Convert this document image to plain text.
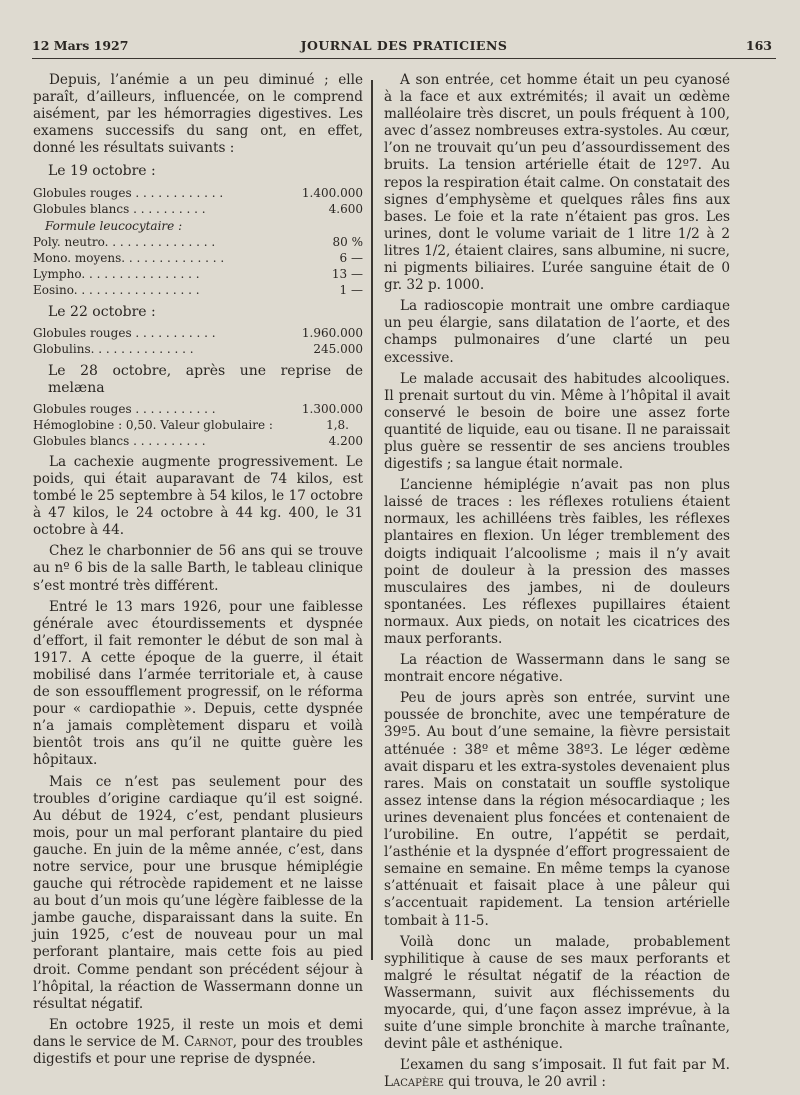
12 Mars 1927	JOURNAL DES PRATICIENS	163

Depuis, l’anémie a un peu diminué ; elle paraît, d’ailleurs, influencée, on le comprend aisément, par les hémorragies digestives. Les examens successifs du sang ont, en effet, donné les résultats suivants :

Le 19 octobre :
Globules rouges . . . . . . . . . . . .	1.400.000
Globules blancs . . . . . . . . . .	4.600
Formule leucocytaire :
Poly. neutro. . . . . . . . . . . . . . .	80 %
Mono. moyens. . . . . . . . . . . . . .	6 —
Lympho. . . . . . . . . . . . . . . .	13 —
Eosino. . . . . . . . . . . . . . . . .	1 —
Le 22 octobre :
Globules rouges . . . . . . . . . . .	1.960.000
Globulins. . . . . . . . . . . . . .	245.000
Le 28 octobre, après une reprise de melæna
Globules rouges . . . . . . . . . . .	1.300.000
Hémoglobine : 0,50. Valeur globulaire :	1,8.
Globules blancs . . . . . . . . . .	4.200

La cachexie augmente progressivement. Le poids, qui était auparavant de 74 kilos, est tombé le 25 septembre à 54 kilos, le 17 octobre à 47 kilos, le 24 octobre à 44 kg. 400, le 31 octobre à 44.

Chez le charbonnier de 56 ans qui se trouve au nº 6 bis de la salle Barth, le tableau clinique s’est montré très différent.

Entré le 13 mars 1926, pour une faiblesse générale avec étourdissements et dyspnée d’effort, il fait remonter le début de son mal à 1917. A cette époque de la guerre, il était mobilisé dans l’armée territoriale et, à cause de son essoufflement progressif, on le réforma pour « cardiopathie ». Depuis, cette dyspnée n’a jamais complètement disparu et voilà bientôt trois ans qu’il ne quitte guère les hôpitaux.

Mais ce n’est pas seulement pour des troubles d’origine cardiaque qu’il est soigné. Au début de 1924, c’est, pendant plusieurs mois, pour un mal perforant plantaire du pied gauche. En juin de la même année, c’est, dans notre service, pour une brusque hémiplégie gauche qui rétrocède rapidement et ne laisse au bout d’un mois qu’une légère faiblesse de la jambe gauche, disparaissant dans la suite. En juin 1925, c’est de nouveau pour un mal perforant plantaire, mais cette fois au pied droit. Comme pendant son précédent séjour à l’hôpital, la réaction de Wassermann donne un résultat négatif.

En octobre 1925, il reste un mois et demi dans le service de M. Carnot, pour des troubles digestifs et pour une reprise de dyspnée.

A son entrée, cet homme était un peu cyanosé à la face et aux extrémités; il avait un œdème malléolaire très discret, un pouls fréquent à 100, avec d’assez nombreuses extra-systoles. Au cœur, l’on ne trouvait qu’un peu d’assourdissement des bruits. La tension artérielle était de 12º7. Au repos la respiration était calme. On constatait des signes d’emphysème et quelques râles fins aux bases. Le foie et la rate n’étaient pas gros. Les urines, dont le volume variait de 1 litre 1/2 à 2 litres 1/2, étaient claires, sans albumine, ni sucre, ni pigments biliaires. L’urée sanguine était de 0 gr. 32 p. 1000.

La radioscopie montrait une ombre cardiaque un peu élargie, sans dilatation de l’aorte, et des champs pulmonaires d’une clarté un peu excessive.

Le malade accusait des habitudes alcooliques. Il prenait surtout du vin. Même à l’hôpital il avait conservé le besoin de boire une assez forte quantité de liquide, eau ou tisane. Il ne paraissait plus guère se ressentir de ses anciens troubles digestifs ; sa langue était normale.

L’ancienne hémiplégie n’avait pas non plus laissé de traces : les réflexes rotuliens étaient normaux, les achilléens très faibles, les réflexes plantaires en flexion. Un léger tremblement des doigts indiquait l’alcoolisme ; mais il n’y avait point de douleur à la pression des masses musculaires des jambes, ni de douleurs spontanées. Les réflexes pupillaires étaient normaux. Aux pieds, on notait les cicatrices des maux perforants.

La réaction de Wassermann dans le sang se montrait encore négative.

Peu de jours après son entrée, survint une poussée de bronchite, avec une température de 39º5. Au bout d’une semaine, la fièvre persistait atténuée : 38º et même 38º3. Le léger œdème avait disparu et les extra-systoles devenaient plus rares. Mais on constatait un souffle systolique assez intense dans la région mésocardiaque ; les urines devenaient plus foncées et contenaient de l’urobiline. En outre, l’appétit se perdait, l’asthénie et la dyspnée d’effort progressaient de semaine en semaine. En même temps la cyanose s’atténuait et faisait place à une pâleur qui s’accentuait rapidement. La tension artérielle tombait à 11-5.

Voilà donc un malade, probablement syphilitique à cause de ses maux perforants et malgré le résultat négatif de la réaction de Wassermann, suivit aux fléchissements du myocarde, qui, d’une façon assez imprévue, à la suite d’une simple bronchite à marche traînante, devint pâle et asthénique.

L’examen du sang s’imposait. Il fut fait par M. Lacapère qui trouva, le 20 avril :
